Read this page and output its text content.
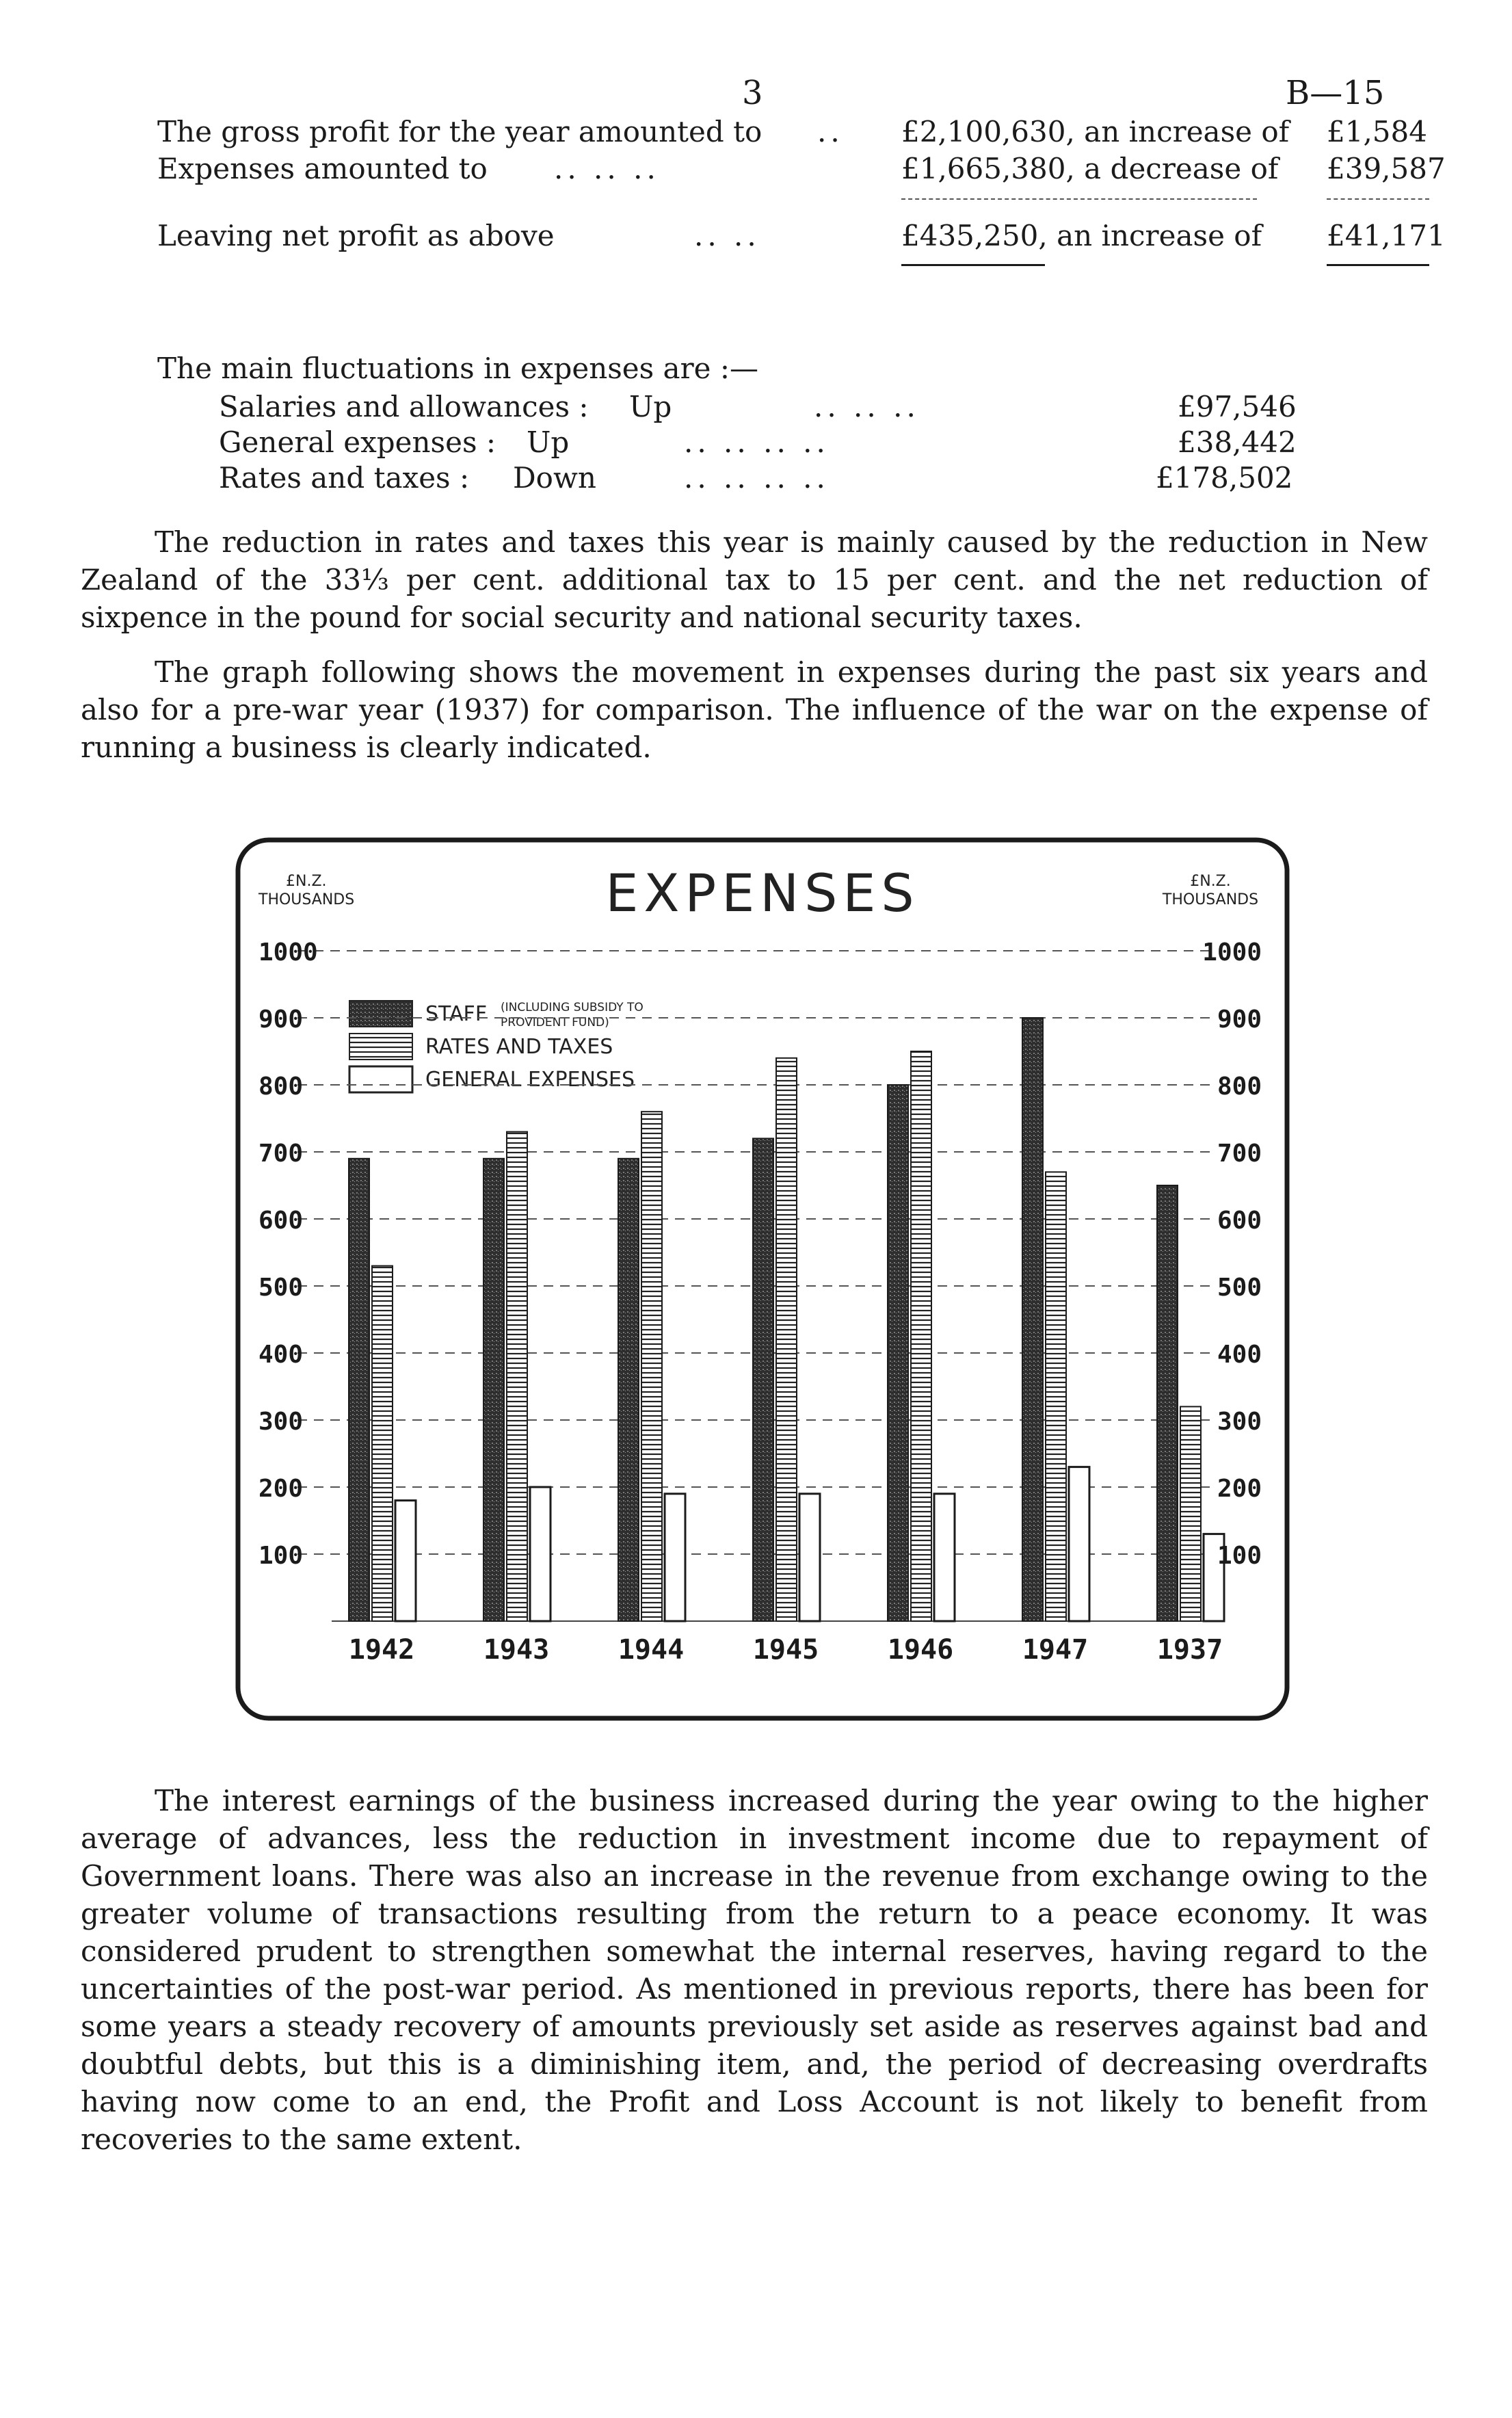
3	B—15
The gross profit for the year amounted to .. £2,100,630, an increase of £1,584
Expenses amounted to .. .. ..	£1,665,380, a decrease of £39,587
Leaving net profit as above	.. ..	£435,250, an increase of £41,171
The main fluctuations in expenses are :—
Salaries and allowances : Up	.. .. ..	£97,546
General expenses : Up	.. .. .. ..	£38,442
Rates and taxes : Down	.. .. .. ..	£178,502

The reduction in rates and taxes this year is mainly caused by the reduction in New Zealand of the 33⅓ per cent. additional tax to 15 per cent. and the net reduction of sixpence in the pound for social security and national security taxes.

The graph following shows the movement in expenses during the past six years and also for a pre-war year (1937) for comparison. The influence of the war on the expense of running a business is clearly indicated.

EXPENSES
£N.Z.
THOUSANDS
£N.Z.
THOUSANDS
STAFF (INCLUDING SUBSIDY TO
PROVIDENT FUND)
RATES AND TAXES
GENERAL EXPENSES
100	100
200	200
300	300
400	400
500	500
600	600
700	700
800	800
900	900
1000	1000
1942	1943	1944	1945	1946	1947	1937

The interest earnings of the business increased during the year owing to the higher average of advances, less the reduction in investment income due to repayment of Government loans. There was also an increase in the revenue from exchange owing to the greater volume of transactions resulting from the return to a peace economy. It was considered prudent to strengthen somewhat the internal reserves, having regard to the uncertainties of the post-war period. As mentioned in previous reports, there has been for some years a steady recovery of amounts previously set aside as reserves against bad and doubtful debts, but this is a diminishing item, and, the period of decreasing overdrafts having now come to an end, the Profit and Loss Account is not likely to benefit from recoveries to the same extent.
